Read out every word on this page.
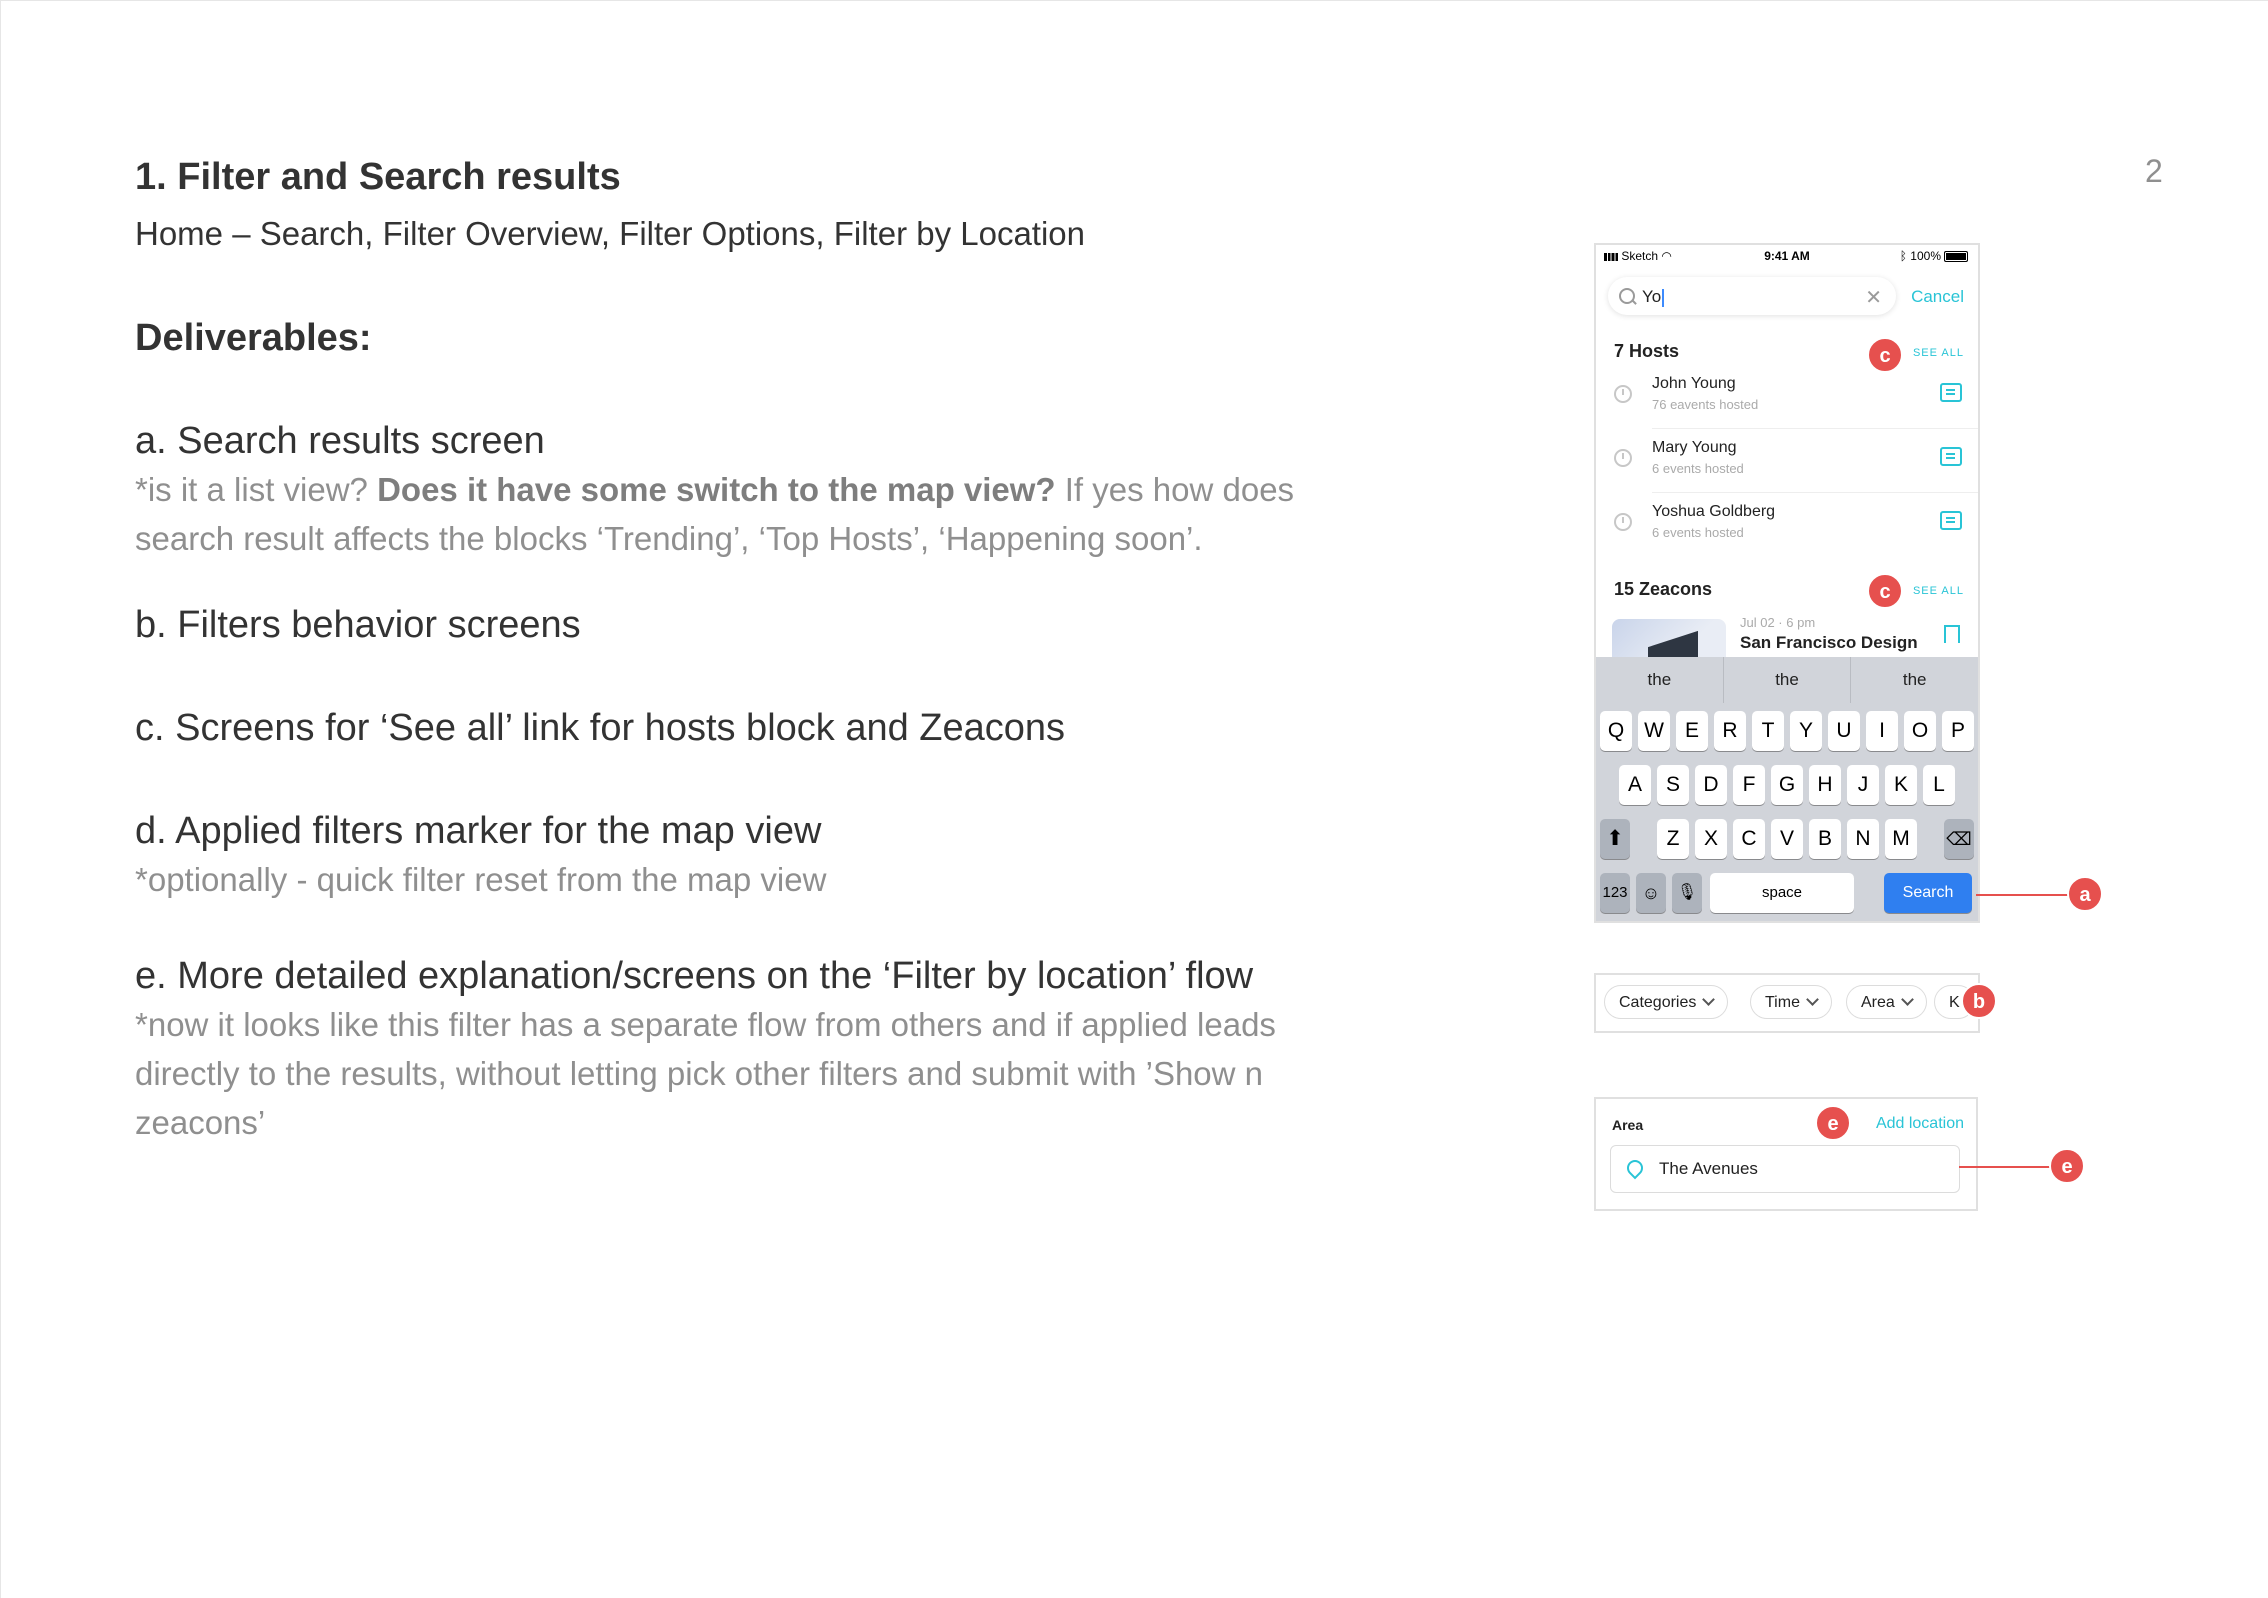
2
1. Filter and Search results
Home – Search, Filter Overview, Filter Options, Filter by Location
Deliverables:
a. Search results screen
*is it a list view? Does it have some switch to the map view? If yes how does search result affects the blocks ‘Trending’, ‘Top Hosts’, ‘Happening soon’.
b. Filters behavior screens
c. Screens for ‘See all’ link for hosts block and Zeacons
d. Applied filters marker for the map view
*optionally - quick filter reset from the map view
e. More detailed explanation/screens on the ‘Filter by location’ flow
*now it looks like this filter has a separate flow from others and if applied leads directly to the results, without letting pick other filters and submit with ’Show n zeacons’
Sketch ◠	9:41 AM	ᛒ 100%
Yo	✕ Cancel
7 Hosts	SEE ALL
John Young
76 eavents hosted
Mary Young
6 events hosted
Yoshua Goldberg
6 events hosted
15 Zeacons	SEE ALL
Jul 02 · 6 pm
San Francisco Design
the	the	the
Q W	E	R	T	Y	U	I	O	P
A	S	D	F	G	H	J	K	L
⬆	⌫
Z	X	C	V	B	N	M
123 ☺	🎙	space	Search
c
c
a
Categories	Time	Area	K b
Area	Add location
The Avenues
e
e
